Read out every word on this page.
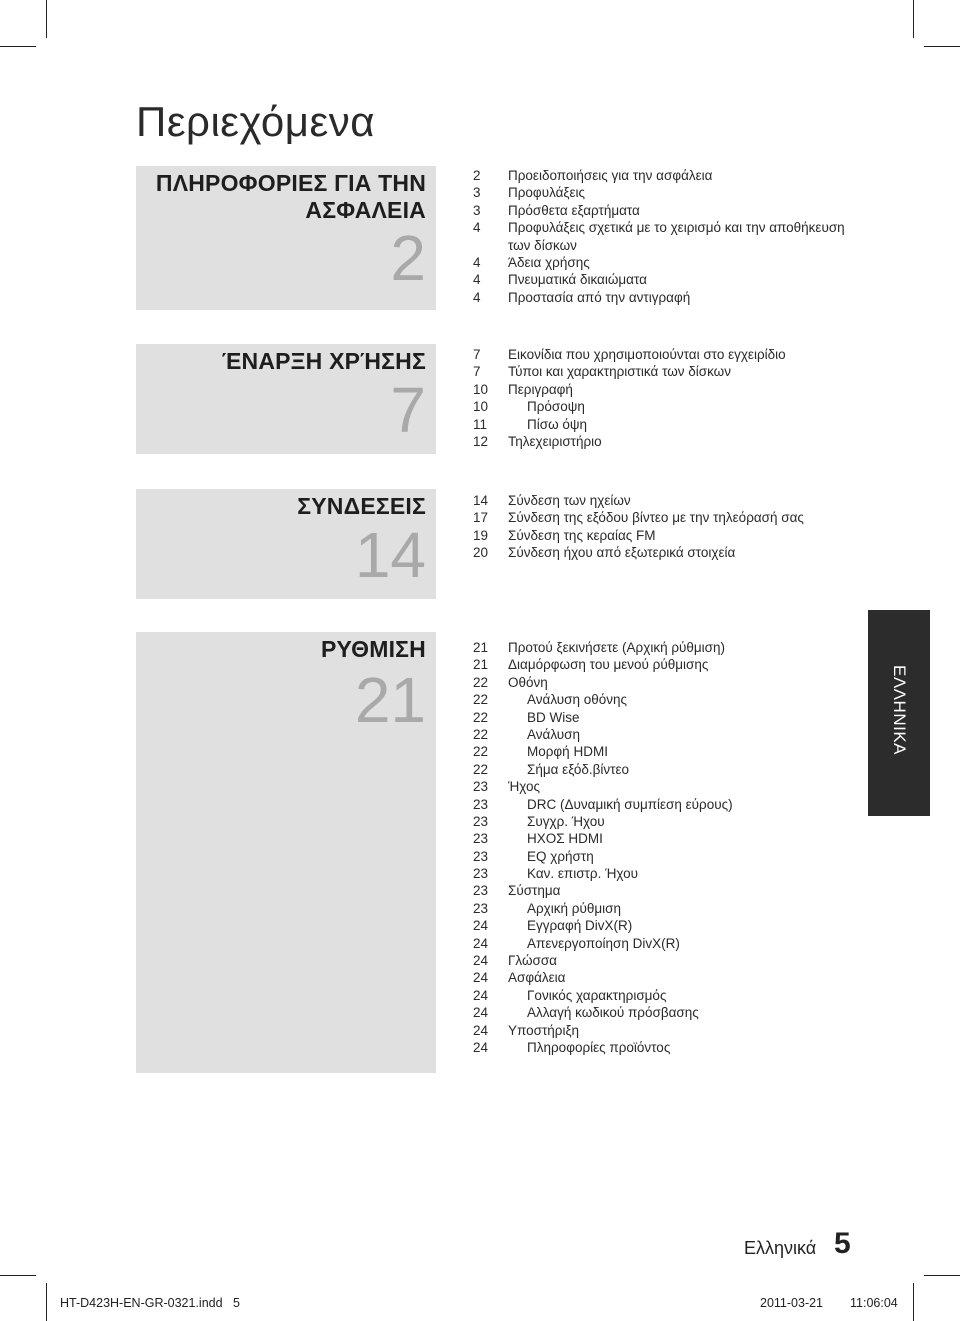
Περιεχόμενα
ΠΛΗΡΟΦΟΡΙΕΣ ΓΙΑ ΤΗΝ
ΑΣΦΑΛΕΙΑ
2
2	Προειδοποιήσεις για την ασφάλεια
3	Προφυλάξεις
3	Πρόσθετα εξαρτήματα
4	Προφυλάξεις σχετικά με το χειρισμό και την αποθήκευση των δίσκων
4	Άδεια χρήσης
4	Πνευματικά δικαιώματα
4	Προστασία από την αντιγραφή
ΈΝΑΡΞΗ ΧΡΉΣΗΣ
7
7	Εικονίδια που χρησιμοποιούνται στο εγχειρίδιο
7	Τύποι και χαρακτηριστικά των δίσκων
10	Περιγραφή
10	Πρόσοψη
11	Πίσω όψη
12	Τηλεχειριστήριο
ΣΥΝΔΕΣΕΙΣ
14
14	Σύνδεση των ηχείων
17	Σύνδεση της εξόδου βίντεο με την τηλεόρασή σας
19	Σύνδεση της κεραίας FM
20	Σύνδεση ήχου από εξωτερικά στοιχεία
ΡΥΘΜΙΣΗ
21
21	Προτού ξεκινήσετε (Αρχική ρύθμιση)
21	Διαμόρφωση του μενού ρύθμισης
22	Οθόνη
22	Ανάλυση οθόνης
22	BD Wise
22	Ανάλυση
22	Μορφή HDMI
22	Σήμα εξόδ.βίντεο
23	Ήχος
23	DRC (Δυναμική συμπίεση εύρους)
23	Συγχρ. Ήχου
23	ΗΧΟΣ HDMI
23	EQ χρήστη
23	Καν. επιστρ. Ήχου
23	Σύστημα
23	Αρχική ρύθμιση
24	Εγγραφή DivX(R)
24	Απενεργοποίηση DivX(R)
24	Γλώσσα
24	Ασφάλεια
24	Γονικός χαρακτηρισμός
24	Αλλαγή κωδικού πρόσβασης
24	Υποστήριξη
24	Πληροφορίες προϊόντος
ΕΛΛΗΝΙΚΑ
Ελληνικά 5
HT-D423H-EN-GR-0321.indd   5	2011-03-21 11:06:04
